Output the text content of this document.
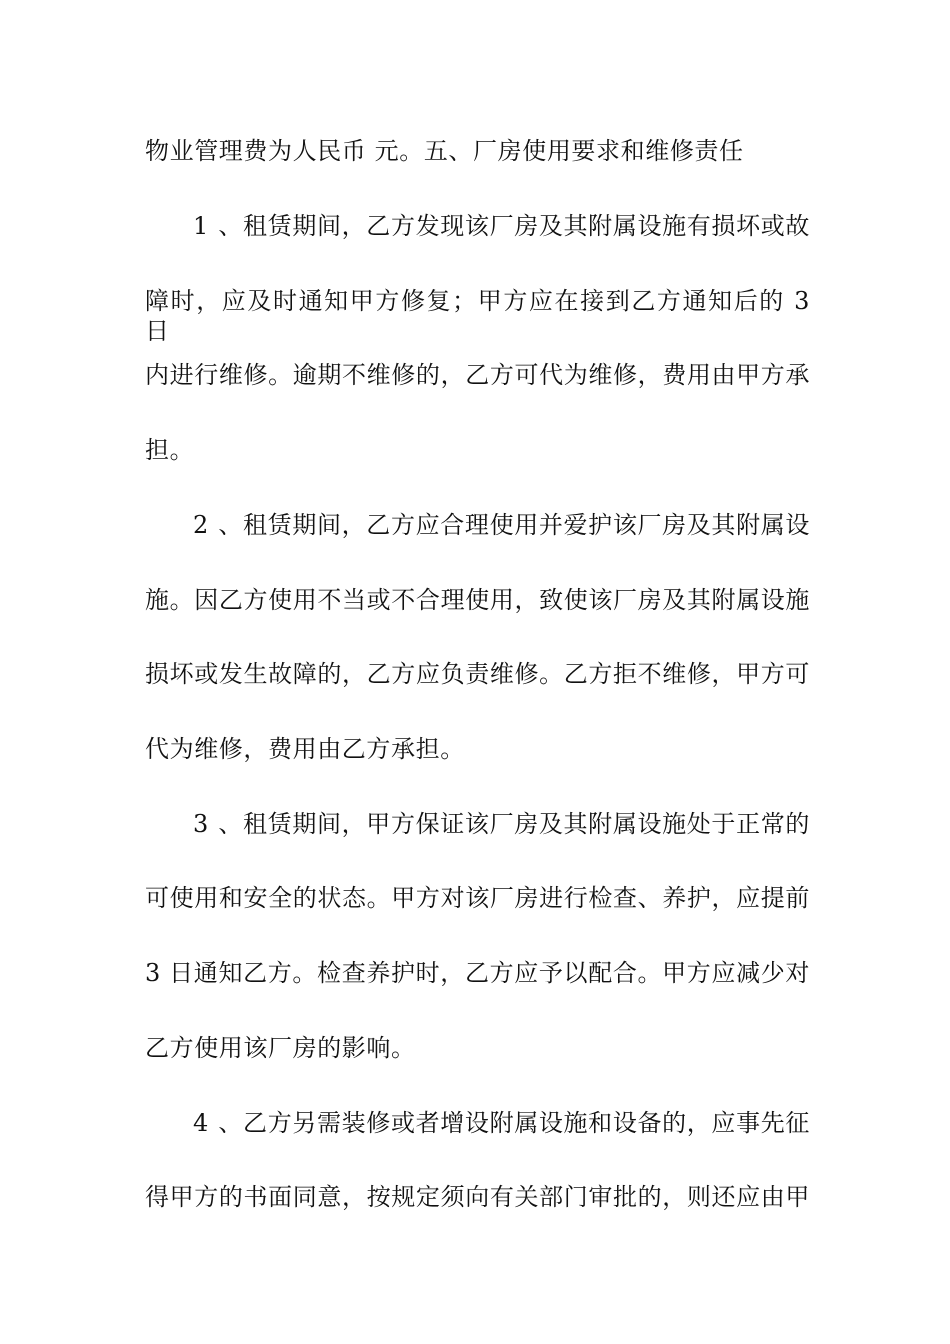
物业管理费为人民币 元。五、厂房使用要求和维修责任
1、租赁期间，乙方发现该厂房及其附属设施有损坏或故
障时，应及时通知甲方修复；甲方应在接到乙方通知后的 3 日
内进行维修。逾期不维修的，乙方可代为维修，费用由甲方承
担。
2、租赁期间，乙方应合理使用并爱护该厂房及其附属设
施。因乙方使用不当或不合理使用，致使该厂房及其附属设施
损坏或发生故障的，乙方应负责维修。乙方拒不维修，甲方可
代为维修，费用由乙方承担。
3、租赁期间，甲方保证该厂房及其附属设施处于正常的
可使用和安全的状态。甲方对该厂房进行检查、养护，应提前
3 日通知乙方。检查养护时，乙方应予以配合。甲方应减少对
乙方使用该厂房的影响。
4、乙方另需装修或者增设附属设施和设备的，应事先征
得甲方的书面同意，按规定须向有关部门审批的，则还应由甲
